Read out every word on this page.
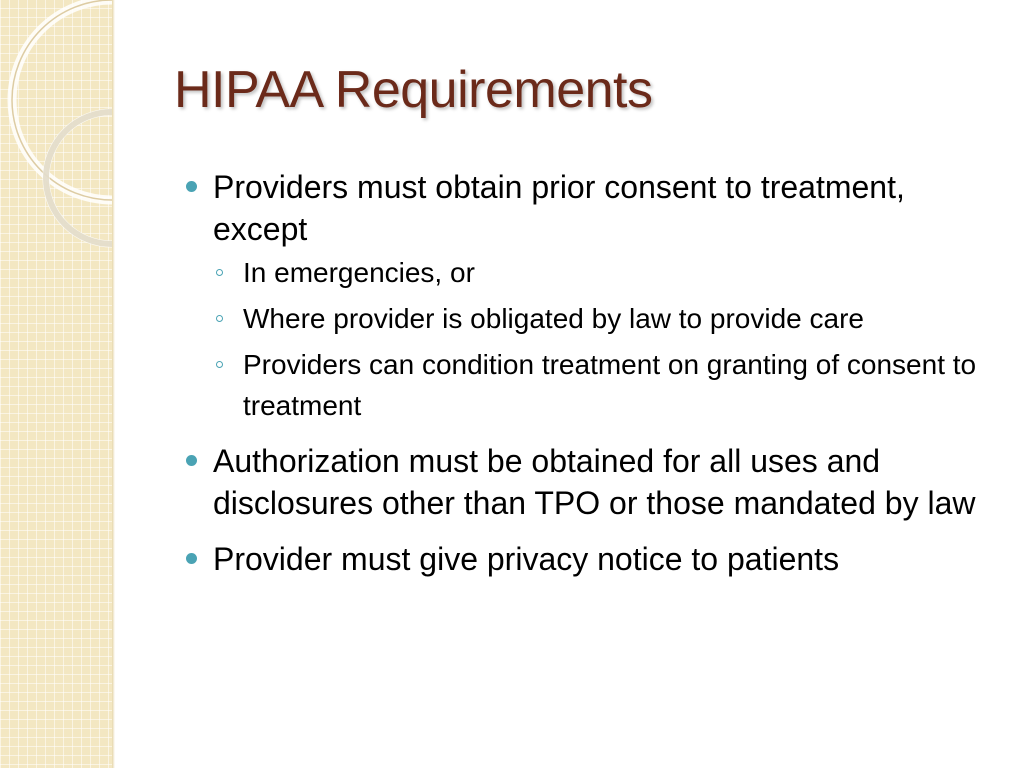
HIPAA Requirements
Providers must obtain prior consent to treatment, except
In emergencies, or
Where provider is obligated by law to provide care
Providers can condition treatment on granting of consent to treatment
Authorization must be obtained for all uses and disclosures other than TPO or those mandated by law
Provider must give privacy notice to patients
